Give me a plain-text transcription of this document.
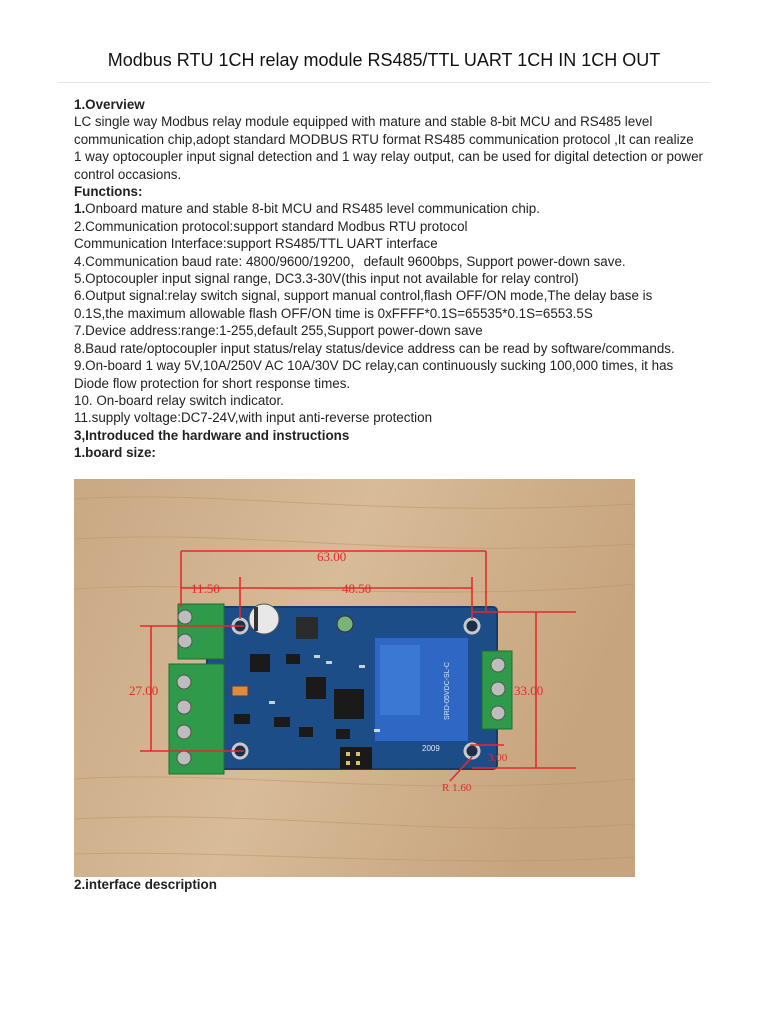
Modbus RTU 1CH relay module RS485/TTL UART 1CH IN 1CH OUT

1.Overview

LC single way Modbus relay module equipped with mature and stable 8-bit MCU and RS485 level communication chip,adopt standard MODBUS RTU format RS485 communication protocol ,It can realize 1 way optocoupler input signal detection and 1 way relay output, can be used for digital detection or power control occasions.

Functions:

1.Onboard mature and stable 8-bit MCU and RS485 level communication chip.

2.Communication protocol:support standard Modbus RTU protocol

Communication Interface:support RS485/TTL UART interface

4.Communication baud rate: 4800/9600/19200，default 9600bps, Support power-down save.

5.Optocoupler input signal range, DC3.3-30V(this input not available for relay control)

6.Output signal:relay switch signal, support manual control,flash OFF/ON mode,The delay base is 0.1S,the maximum allowable flash OFF/ON time is 0xFFFF*0.1S=65535*0.1S=6553.5S

7.Device address:range:1-255,default 255,Support power-down save

8.Baud rate/optocoupler input status/relay status/device address can be read by software/commands.

9.On-board 1 way 5V,10A/250V AC 10A/30V DC relay,can continuously sucking 100,000 times, it has Diode flow protection for short response times.

10. On-board relay switch indicator.

11.supply voltage:DC7-24V,with input anti-reverse protection

3,Introduced the hardware and instructions

1.board size:

SRD-05VDC-SL-C
2009
63.00
11.50	48.50
27.00	33.00
3.00
R 1.60
2.interface description
